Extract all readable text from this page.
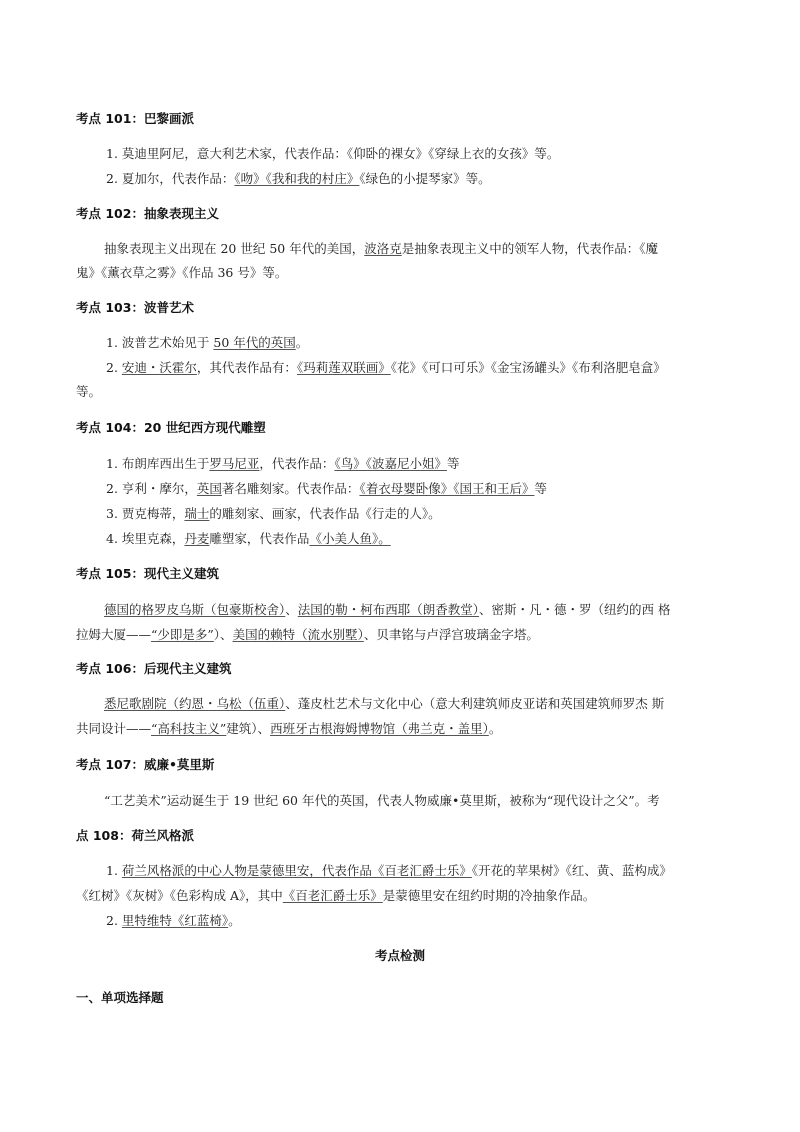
考点 101：巴黎画派
1. 莫迪里阿尼，意大利艺术家，代表作品：《仰卧的裸女》《穿绿上衣的女孩》等。
2. 夏加尔，代表作品：《吻》《我和我的村庄》《绿色的小提琴家》等。
考点 102：抽象表现主义
抽象表现主义出现在 20 世纪 50 年代的美国，波洛克是抽象表现主义中的领军人物，代表作品：《魔
鬼》《薰衣草之雾》《作品 36 号》等。
考点 103：波普艺术
1. 波普艺术始见于 50 年代的英国。
2. 安迪・沃霍尔，其代表作品有：《玛莉莲双联画》《花》《可口可乐》《金宝汤罐头》《布利洛肥皂盒》
等。
考点 104：20 世纪西方现代雕塑
1. 布朗库西出生于罗马尼亚，代表作品：《鸟》《波嘉尼小姐》等
2. 亨利・摩尔，英国著名雕刻家。代表作品：《着衣母婴卧像》《国王和王后》等
3. 贾克梅蒂，瑞士的雕刻家、画家，代表作品《行走的人》。
4. 埃里克森，丹麦雕塑家，代表作品《小美人鱼》。
考点 105：现代主义建筑
德国的格罗皮乌斯（包豪斯校舍）、法国的勒・柯布西耶（朗香教堂）、密斯・凡・德・罗（纽约的西 格
拉姆大厦——“少即是多”）、美国的赖特（流水别墅）、贝聿铭与卢浮宫玻璃金字塔。
考点 106：后现代主义建筑
悉尼歌剧院（约恩・乌松（伍重）、蓬皮杜艺术与文化中心（意大利建筑师皮亚诺和英国建筑师罗杰 斯
共同设计——“高科技主义”建筑）、西班牙古根海姆博物馆（弗兰克・盖里）。
考点 107：威廉•莫里斯
“工艺美术”运动诞生于 19 世纪 60 年代的英国，代表人物威廉•莫里斯，被称为“现代设计之父”。考
点 108：荷兰风格派
1. 荷兰风格派的中心人物是蒙德里安，代表作品《百老汇爵士乐》《开花的苹果树》《红、黄、蓝构成》
《红树》《灰树》《色彩构成 A》，其中《百老汇爵士乐》是蒙德里安在纽约时期的冷抽象作品。
2. 里特维特《红蓝椅》。
考点检测
一、单项选择题
